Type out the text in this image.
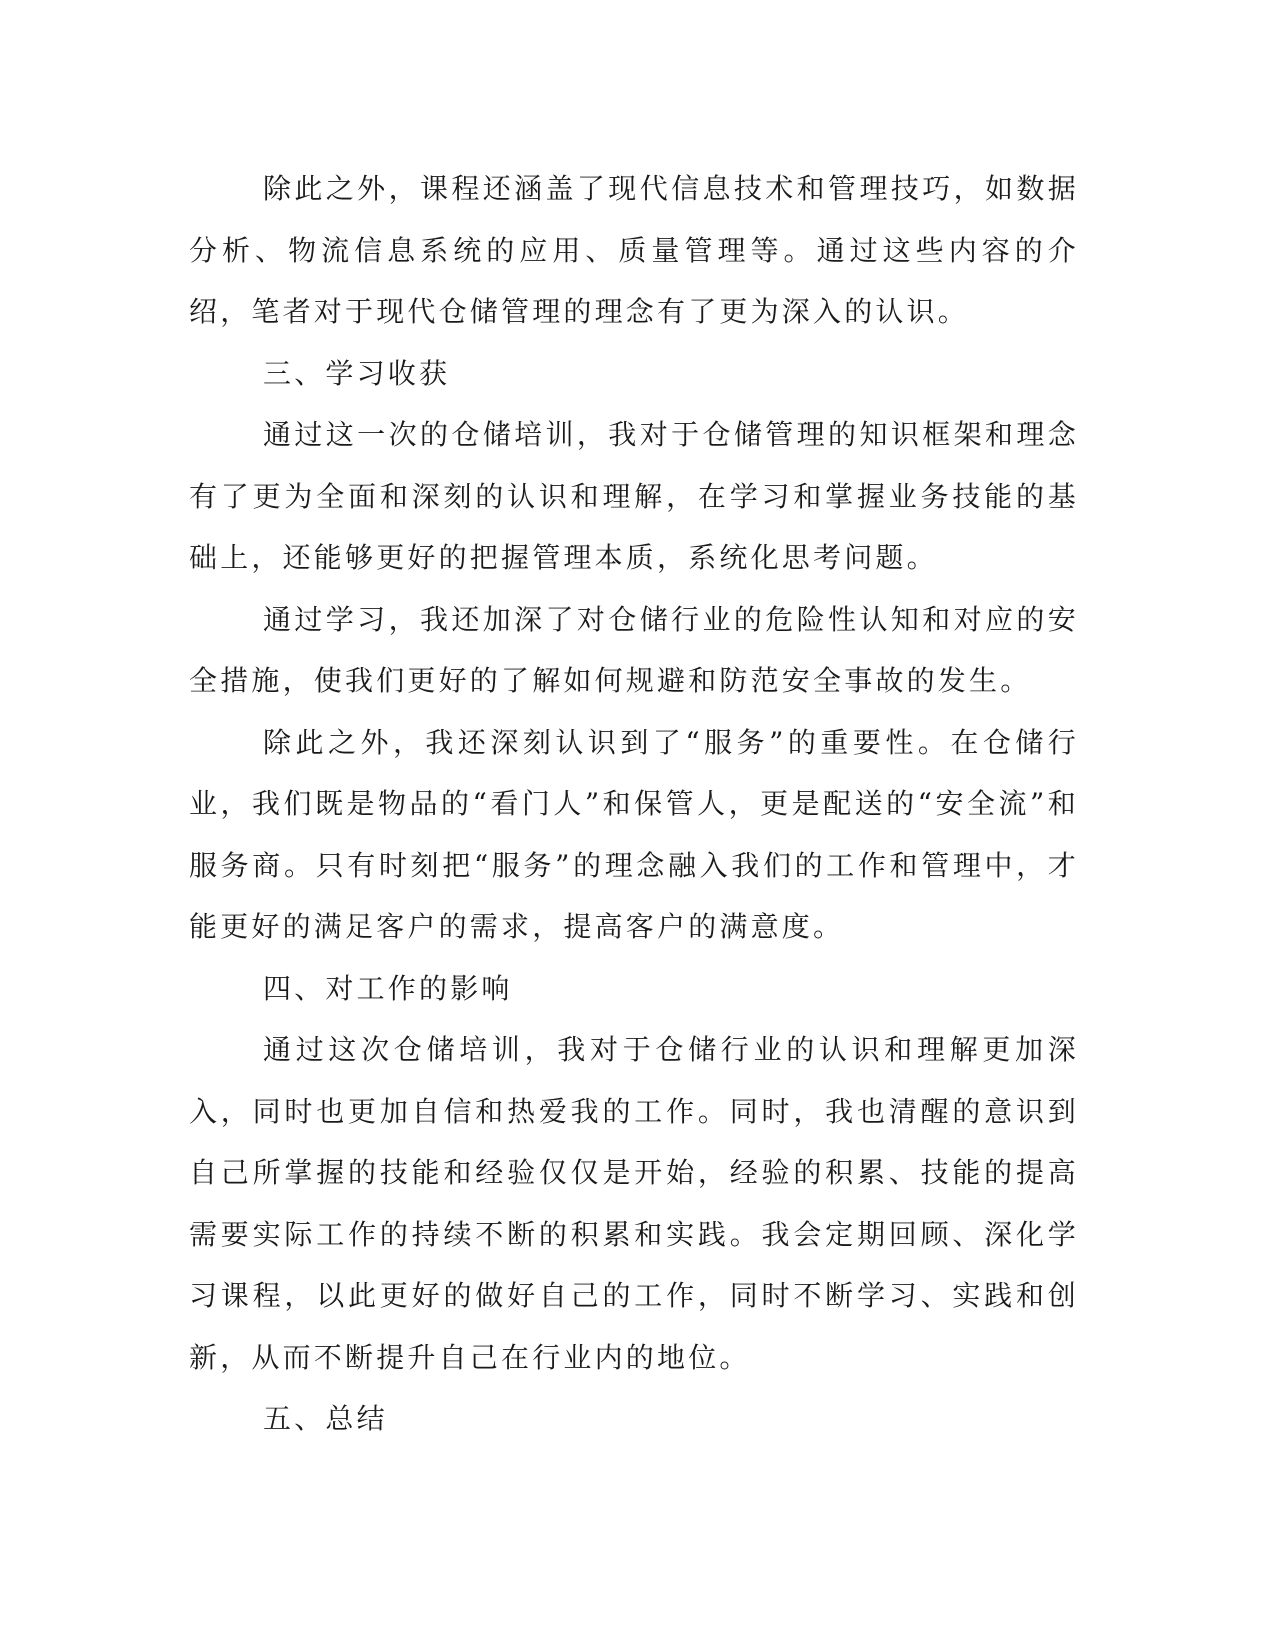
除此之外，课程还涵盖了现代信息技术和管理技巧，如数据分析、物流信息系统的应用、质量管理等。通过这些内容的介绍，笔者对于现代仓储管理的理念有了更为深入的认识。

三、学习收获

通过这一次的仓储培训，我对于仓储管理的知识框架和理念有了更为全面和深刻的认识和理解，在学习和掌握业务技能的基础上，还能够更好的把握管理本质，系统化思考问题。

通过学习，我还加深了对仓储行业的危险性认知和对应的安全措施，使我们更好的了解如何规避和防范安全事故的发生。

除此之外，我还深刻认识到了“服务”的重要性。在仓储行业，我们既是物品的“看门人”和保管人，更是配送的“安全流”和服务商。只有时刻把“服务”的理念融入我们的工作和管理中，才能更好的满足客户的需求，提高客户的满意度。

四、对工作的影响

通过这次仓储培训，我对于仓储行业的认识和理解更加深入，同时也更加自信和热爱我的工作。同时，我也清醒的意识到自己所掌握的技能和经验仅仅是开始，经验的积累、技能的提高需要实际工作的持续不断的积累和实践。我会定期回顾、深化学习课程，以此更好的做好自己的工作，同时不断学习、实践和创新，从而不断提升自己在行业内的地位。

五、总结
